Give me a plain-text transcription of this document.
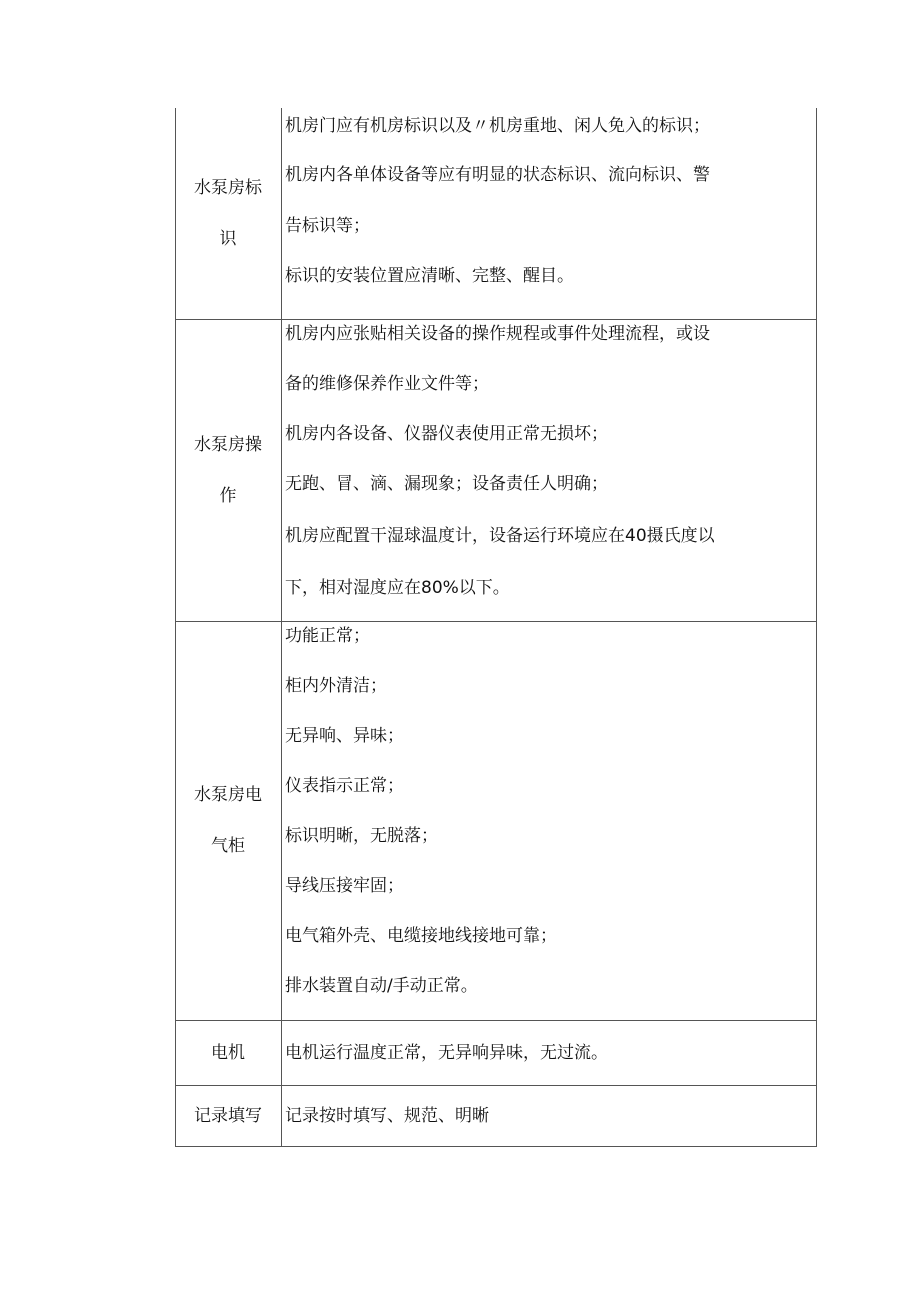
水泵房标识
机房门应有机房标识以及〃机房重地、闲人免入的标识；
机房内各单体设备等应有明显的状态标识、流向标识、警
告标识等；
标识的安装位置应清晰、完整、醒目。
水泵房操作
机房内应张贴相关设备的操作规程或事件处理流程，或设
备的维修保养作业文件等；
机房内各设备、仪器仪表使用正常无损坏；
无跑、冒、滴、漏现象；设备责任人明确；
机房应配置干湿球温度计，设备运行环境应在40摄氏度以
下，相对湿度应在80%以下。
水泵房电气柜
功能正常；
柜内外清洁；
无异响、异味；
仪表指示正常；
标识明晰，无脱落；
导线压接牢固；
电气箱外壳、电缆接地线接地可靠；
排水装置自动/手动正常。
电机	电机运行温度正常，无异响异味，无过流。
记录填写	记录按时填写、规范、明晰
